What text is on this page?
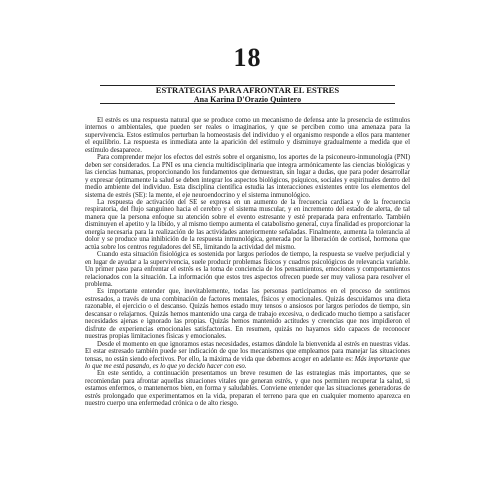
18
ESTRATEGIAS PARA AFRONTAR EL ESTRES
Ana Karina D'Orazio Quintero

El estrés es una respuesta natural que se produce como un mecanismo de defensa ante la presencia de estímulos internos o ambientales, que pueden ser reales o imaginarios, y que se perciben como una amenaza para la supervivencia. Estos estímulos perturban la homeostasis del individuo y el organismo responde a ellos para mantener el equilibrio. La respuesta es inmediata ante la aparición del estímulo y disminuye gradualmente a medida que el estímulo desaparece.

Para comprender mejor los efectos del estrés sobre el organismo, los aportes de la psiconeuro-inmunología (PNI) deben ser considerados. La PNI es una ciencia multidisciplinaria que integra armónicamente las ciencias biológicas y las ciencias humanas, proporcionando los fundamentos que demuestran, sin lugar a dudas, que para poder desarrollar y expresar óptimamente la salud se deben integrar los aspectos biológicos, psíquicos, sociales y espirituales dentro del medio ambiente del individuo. Esta disciplina científica estudia las interacciones existentes entre los elementos del sistema de estrés (SE): la mente, el eje neuroendocrino y el sistema inmunológico.

La respuesta de activación del SE se expresa en un aumento de la frecuencia cardíaca y de la frecuencia respiratoria, del flujo sanguíneo hacia el cerebro y el sistema muscular, y en incremento del estado de alerta, de tal manera que la persona enfoque su atención sobre el evento estresante y esté preparada para enfrentarlo. También disminuyen el apetito y la libido, y al mismo tiempo aumenta el catabolismo general, cuya finalidad es proporcionar la energía necesaria para la realización de las actividades anteriormente señaladas. Finalmente, aumenta la tolerancia al dolor y se produce una inhibición de la respuesta inmunológica, generada por la liberación de cortisol, hormona que actúa sobre los centros reguladores del SE, limitando la actividad del mismo.

Cuando esta situación fisiológica es sostenida por largos períodos de tiempo, la respuesta se vuelve perjudicial y en lugar de ayudar a la supervivencia, suele producir problemas físicos y cuadros psicológicos de relevancia variable. Un primer paso para enfrentar el estrés es la toma de conciencia de los pensamientos, emociones y comportamientos relacionados con la situación. La información que estos tres aspectos ofrecen puede ser muy valiosa para resolver el problema.

Es importante entender que, inevitablemente, todas las personas participamos en el proceso de sentirnos estresados, a través de una combinación de factores mentales, físicos y emocionales. Quizás descuidamos una dieta razonable, el ejercicio o el descanso. Quizás hemos estado muy tensos o ansiosos por largos períodos de tiempo, sin descansar o relajarnos. Quizás hemos mantenido una carga de trabajo excesiva, o dedicado mucho tiempo a satisfacer necesidades ajenas e ignorado las propias. Quizás hemos mantenido actitudes y creencias que nos impidieron el disfrute de experiencias emocionales satisfactorias. En resumen, quizás no hayamos sido capaces de reconocer nuestras propias limitaciones físicas y emocionales.

Desde el momento en que ignoramos estas necesidades, estamos dándole la bienvenida al estrés en nuestras vidas. El estar estresado también puede ser indicación de que los mecanismos que empleamos para manejar las situaciones tensas, no están siendo efectivos. Por ello, la máxima de vida que debemos acoger en adelante es: Más importante que lo que me está pasando, es lo que yo decido hacer con eso.

En este sentido, a continuación presentamos un breve resumen de las estrategias más importantes, que se recomiendan para afrontar aquellas situaciones vitales que generan estrés, y que nos permiten recuperar la salud, si estamos enfermos, o mantenernos bien, en forma y saludables. Conviene entender que las situaciones generadoras de estrés prolongado que experimentamos en la vida, preparan el terreno para que en cualquier momento aparezca en nuestro cuerpo una enfermedad crónica o de alto riesgo.
